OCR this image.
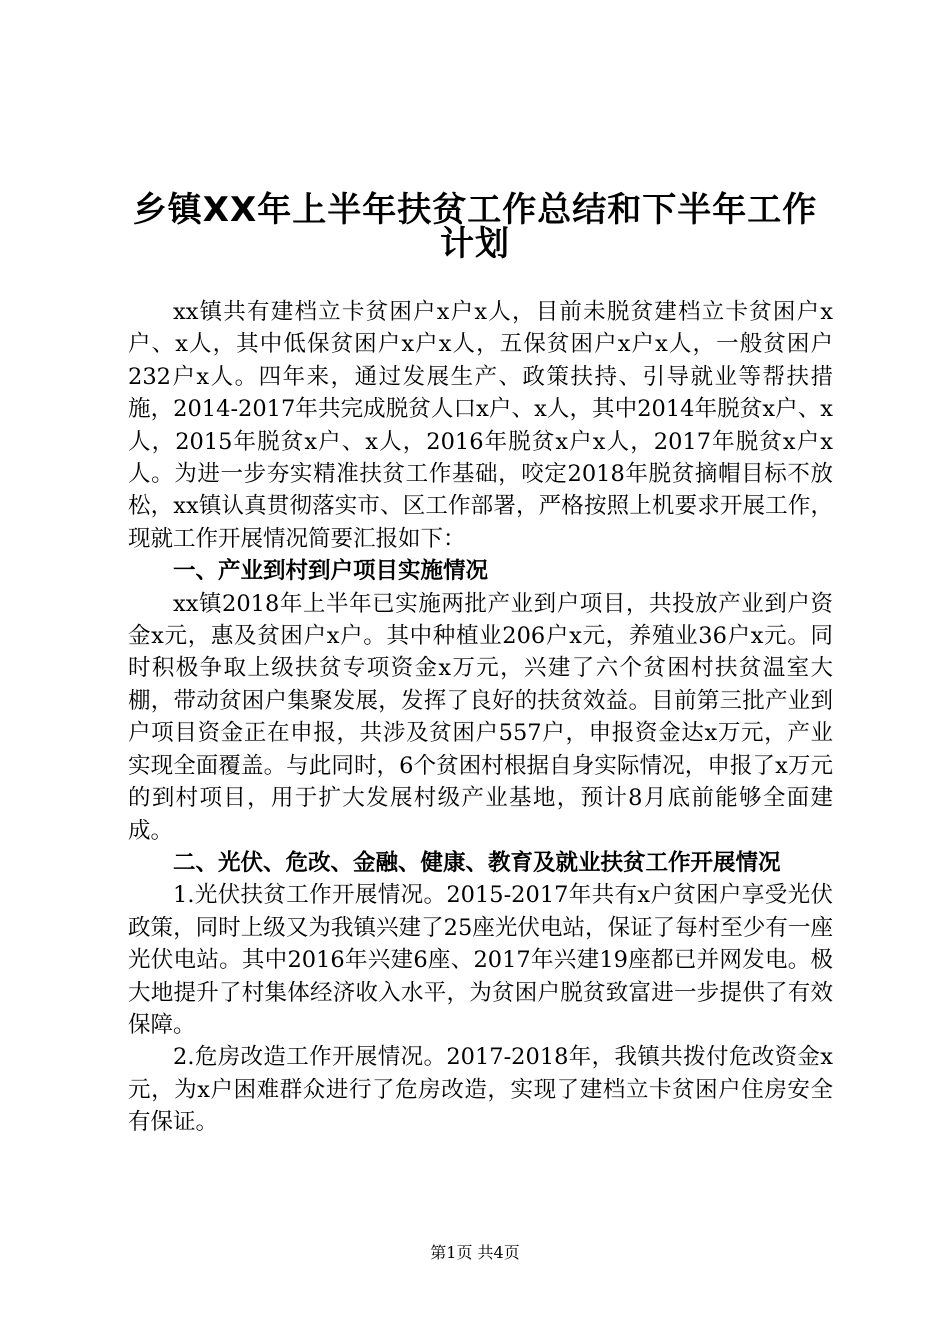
乡镇XX年上半年扶贫工作总结和下半年工作
计划

xx镇共有建档立卡贫困户x户x人，目前未脱贫建档立卡贫困户x户、x人，其中低保贫困户x户x人，五保贫困户x户x人，一般贫困户232户x人。四年来，通过发展生产、政策扶持、引导就业等帮扶措施，2014-2017年共完成脱贫人口x户、x人，其中2014年脱贫x户、x人，2015年脱贫x户、x人，2016年脱贫x户x人，2017年脱贫x户x人。为进一步夯实精准扶贫工作基础，咬定2018年脱贫摘帽目标不放松，xx镇认真贯彻落实市、区工作部署，严格按照上机要求开展工作，现就工作开展情况简要汇报如下：

一、产业到村到户项目实施情况

xx镇2018年上半年已实施两批产业到户项目，共投放产业到户资金x元，惠及贫困户x户。其中种植业206户x元，养殖业36户x元。同时积极争取上级扶贫专项资金x万元，兴建了六个贫困村扶贫温室大棚，带动贫困户集聚发展，发挥了良好的扶贫效益。目前第三批产业到户项目资金正在申报，共涉及贫困户557户，申报资金达x万元，产业实现全面覆盖。与此同时，6个贫困村根据自身实际情况，申报了x万元的到村项目，用于扩大发展村级产业基地，预计8月底前能够全面建成。

二、光伏、危改、金融、健康、教育及就业扶贫工作开展情况

1.光伏扶贫工作开展情况。2015-2017年共有x户贫困户享受光伏政策，同时上级又为我镇兴建了25座光伏电站，保证了每村至少有一座光伏电站。其中2016年兴建6座、2017年兴建19座都已并网发电。极大地提升了村集体经济收入水平，为贫困户脱贫致富进一步提供了有效保障。

2.危房改造工作开展情况。2017-2018年，我镇共拨付危改资金x元，为x户困难群众进行了危房改造，实现了建档立卡贫困户住房安全有保证。

第1页 共4页
